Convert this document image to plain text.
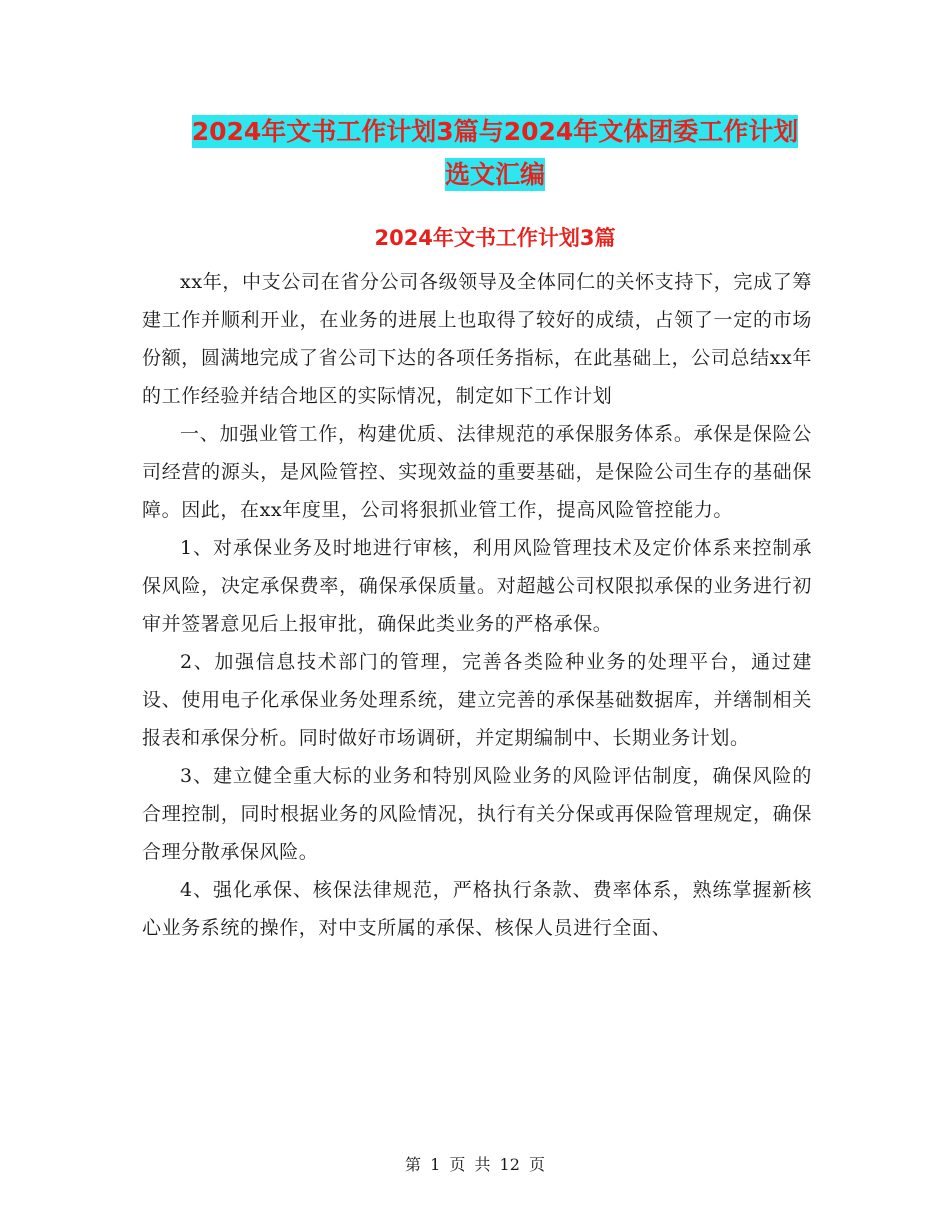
2024年文书工作计划3篇与2024年文体团委工作计划
选文汇编
2024年文书工作计划3篇

xx年，中支公司在省分公司各级领导及全体同仁的关怀支持下，完成了筹建工作并顺利开业，在业务的进展上也取得了较好的成绩，占领了一定的市场份额，圆满地完成了省公司下达的各项任务指标，在此基础上，公司总结xx年的工作经验并结合地区的实际情况，制定如下工作计划

一、加强业管工作，构建优质、法律规范的承保服务体系。承保是保险公司经营的源头，是风险管控、实现效益的重要基础，是保险公司生存的基础保障。因此，在xx年度里，公司将狠抓业管工作，提高风险管控能力。

1、对承保业务及时地进行审核，利用风险管理技术及定价体系来控制承保风险，决定承保费率，确保承保质量。对超越公司权限拟承保的业务进行初审并签署意见后上报审批，确保此类业务的严格承保。

2、加强信息技术部门的管理，完善各类险种业务的处理平台，通过建设、使用电子化承保业务处理系统，建立完善的承保基础数据库，并缮制相关报表和承保分析。同时做好市场调研，并定期编制中、长期业务计划。

3、建立健全重大标的业务和特别风险业务的风险评估制度，确保风险的合理控制，同时根据业务的风险情况，执行有关分保或再保险管理规定，确保合理分散承保风险。

4、强化承保、核保法律规范，严格执行条款、费率体系，熟练掌握新核心业务系统的操作，对中支所属的承保、核保人员进行全面、

第 1 页 共 12 页
